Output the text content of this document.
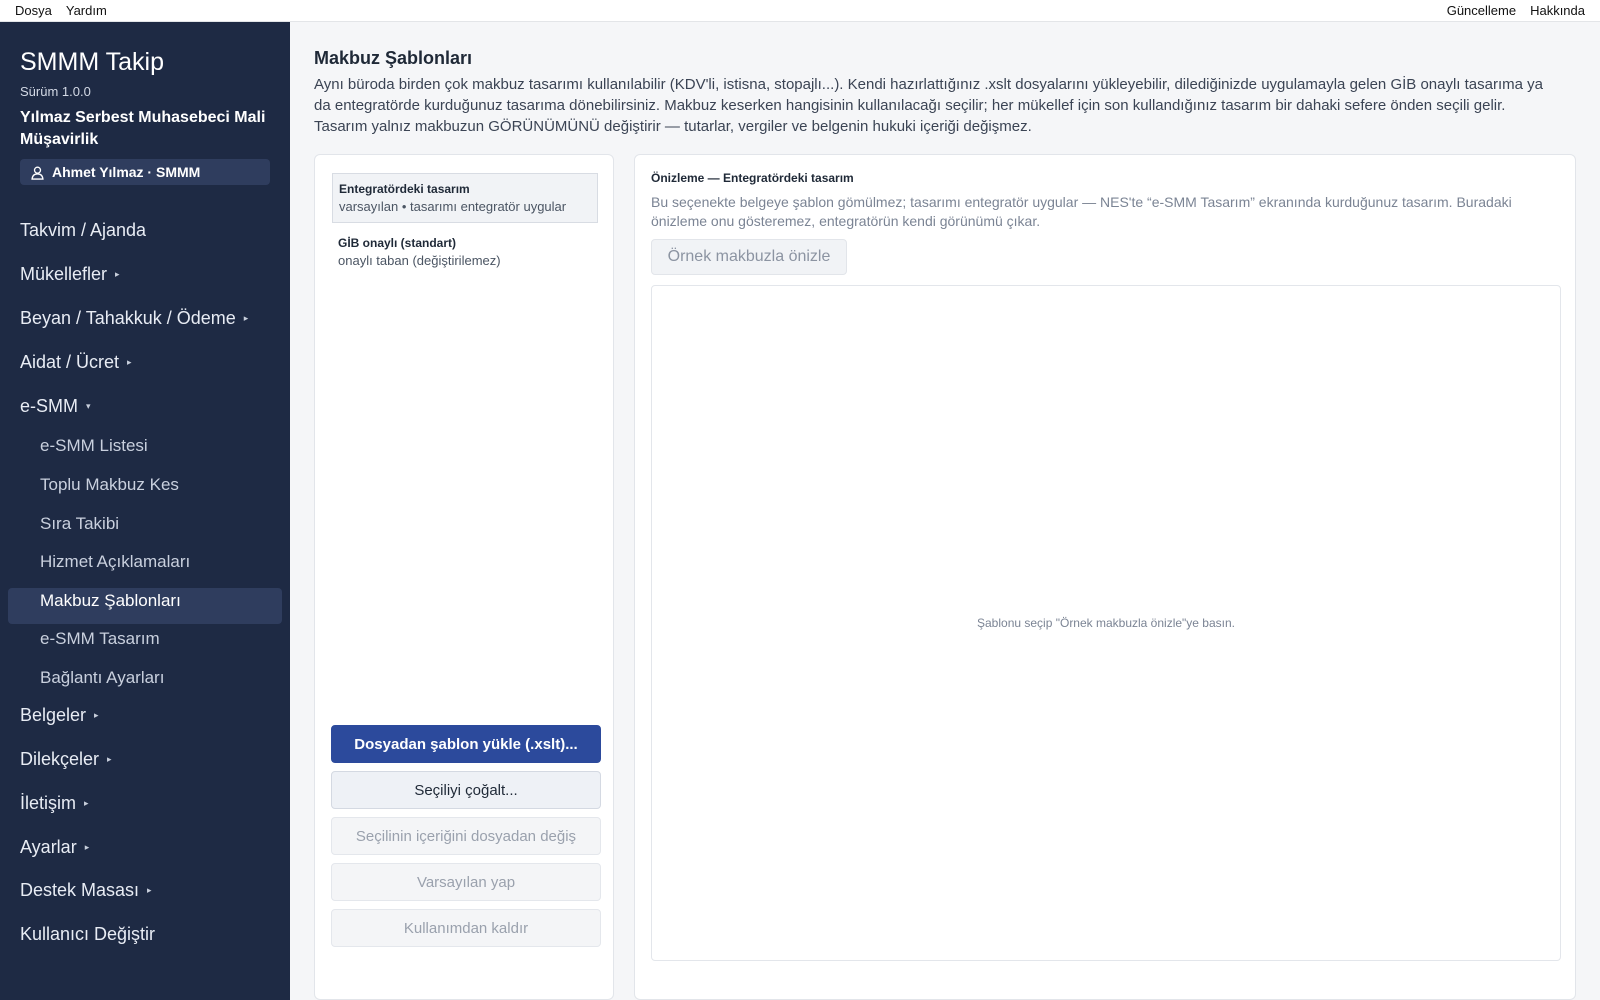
Dosya Yardım	Güncelleme Hakkında
SMMM Takip
Sürüm 1.0.0
Yılmaz Serbest Muhasebeci Mali Müşavirlik
Ahmet Yılmaz · SMMM
Takvim / Ajanda
Mükellefler ▸
Beyan / Tahakkuk / Ödeme ▸
Aidat / Ücret ▸
e-SMM ▾
e-SMM Listesi
Toplu Makbuz Kes
Sıra Takibi
Hizmet Açıklamaları
Makbuz Şablonları
e-SMM Tasarım
Bağlantı Ayarları
Belgeler ▸
Dilekçeler ▸
İletişim ▸
Ayarlar ▸
Destek Masası ▸
Kullanıcı Değiştir
Makbuz Şablonları
Aynı büroda birden çok makbuz tasarımı kullanılabilir (KDV'li, istisna, stopajlı...). Kendi hazırlattığınız .xslt dosyalarını yükleyebilir, dilediğinizde uygulamayla gelen GİB onaylı tasarıma ya da entegratörde kurduğunuz tasarıma dönebilirsiniz. Makbuz keserken hangisinin kullanılacağı seçilir; her mükellef için son kullandığınız tasarım bir dahaki sefere önden seçili gelir. Tasarım yalnız makbuzun GÖRÜNÜMÜNÜ değiştirir — tutarlar, vergiler ve belgenin hukuki içeriği değişmez.
Entegratördeki tasarım
varsayılan • tasarımı entegratör uygular
GİB onaylı (standart)
onaylı taban (değiştirilemez)
Dosyadan şablon yükle (.xslt)...
Seçiliyi çoğalt...
Seçilinin içeriğini dosyadan değiş
Varsayılan yap
Kullanımdan kaldır
Önizleme — Entegratördeki tasarım
Bu seçenekte belgeye şablon gömülmez; tasarımı entegratör uygular — NES'te “e-SMM Tasarım” ekranında kurduğunuz tasarım. Buradaki önizleme onu gösteremez, entegratörün kendi görünümü çıkar.
Örnek makbuzla önizle
Şablonu seçip "Örnek makbuzla önizle"ye basın.
